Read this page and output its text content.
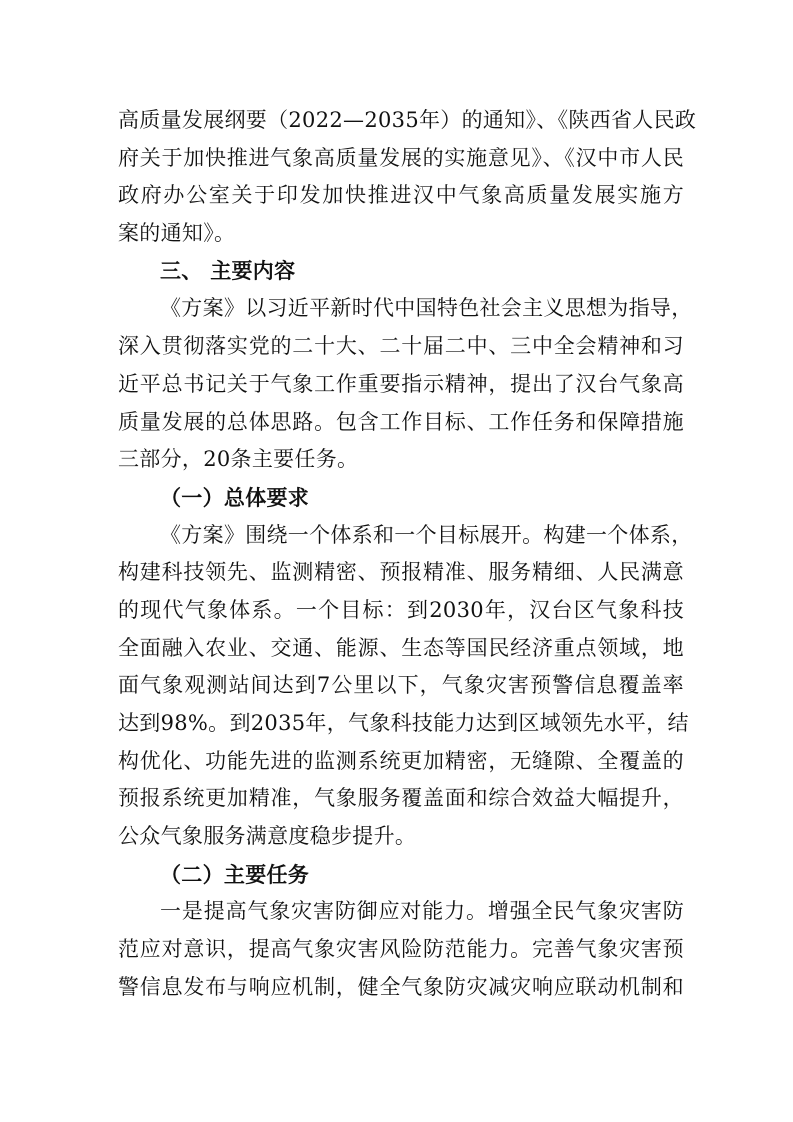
高质量发展纲要（2022—2035年）的通知》、《陕西省人民政
府关于加快推进气象高质量发展的实施意见》、《汉中市人民
政府办公室关于印发加快推进汉中气象高质量发展实施方
案的通知》。
三、 主要内容
《方案》以习近平新时代中国特色社会主义思想为指导，
深入贯彻落实党的二十大、二十届二中、三中全会精神和习
近平总书记关于气象工作重要指示精神，提出了汉台气象高
质量发展的总体思路。包含工作目标、工作任务和保障措施
三部分，20条主要任务。
（一）总体要求
《方案》围绕一个体系和一个目标展开。构建一个体系，
构建科技领先、监测精密、预报精准、服务精细、人民满意
的现代气象体系。一个目标：到2030年，汉台区气象科技
全面融入农业、交通、能源、生态等国民经济重点领域，地
面气象观测站间达到7公里以下，气象灾害预警信息覆盖率
达到98%。到2035年，气象科技能力达到区域领先水平，结
构优化、功能先进的监测系统更加精密，无缝隙、全覆盖的
预报系统更加精准，气象服务覆盖面和综合效益大幅提升，
公众气象服务满意度稳步提升。
（二）主要任务
一是提高气象灾害防御应对能力。增强全民气象灾害防
范应对意识，提高气象灾害风险防范能力。完善气象灾害预
警信息发布与响应机制，健全气象防灾减灾响应联动机制和
